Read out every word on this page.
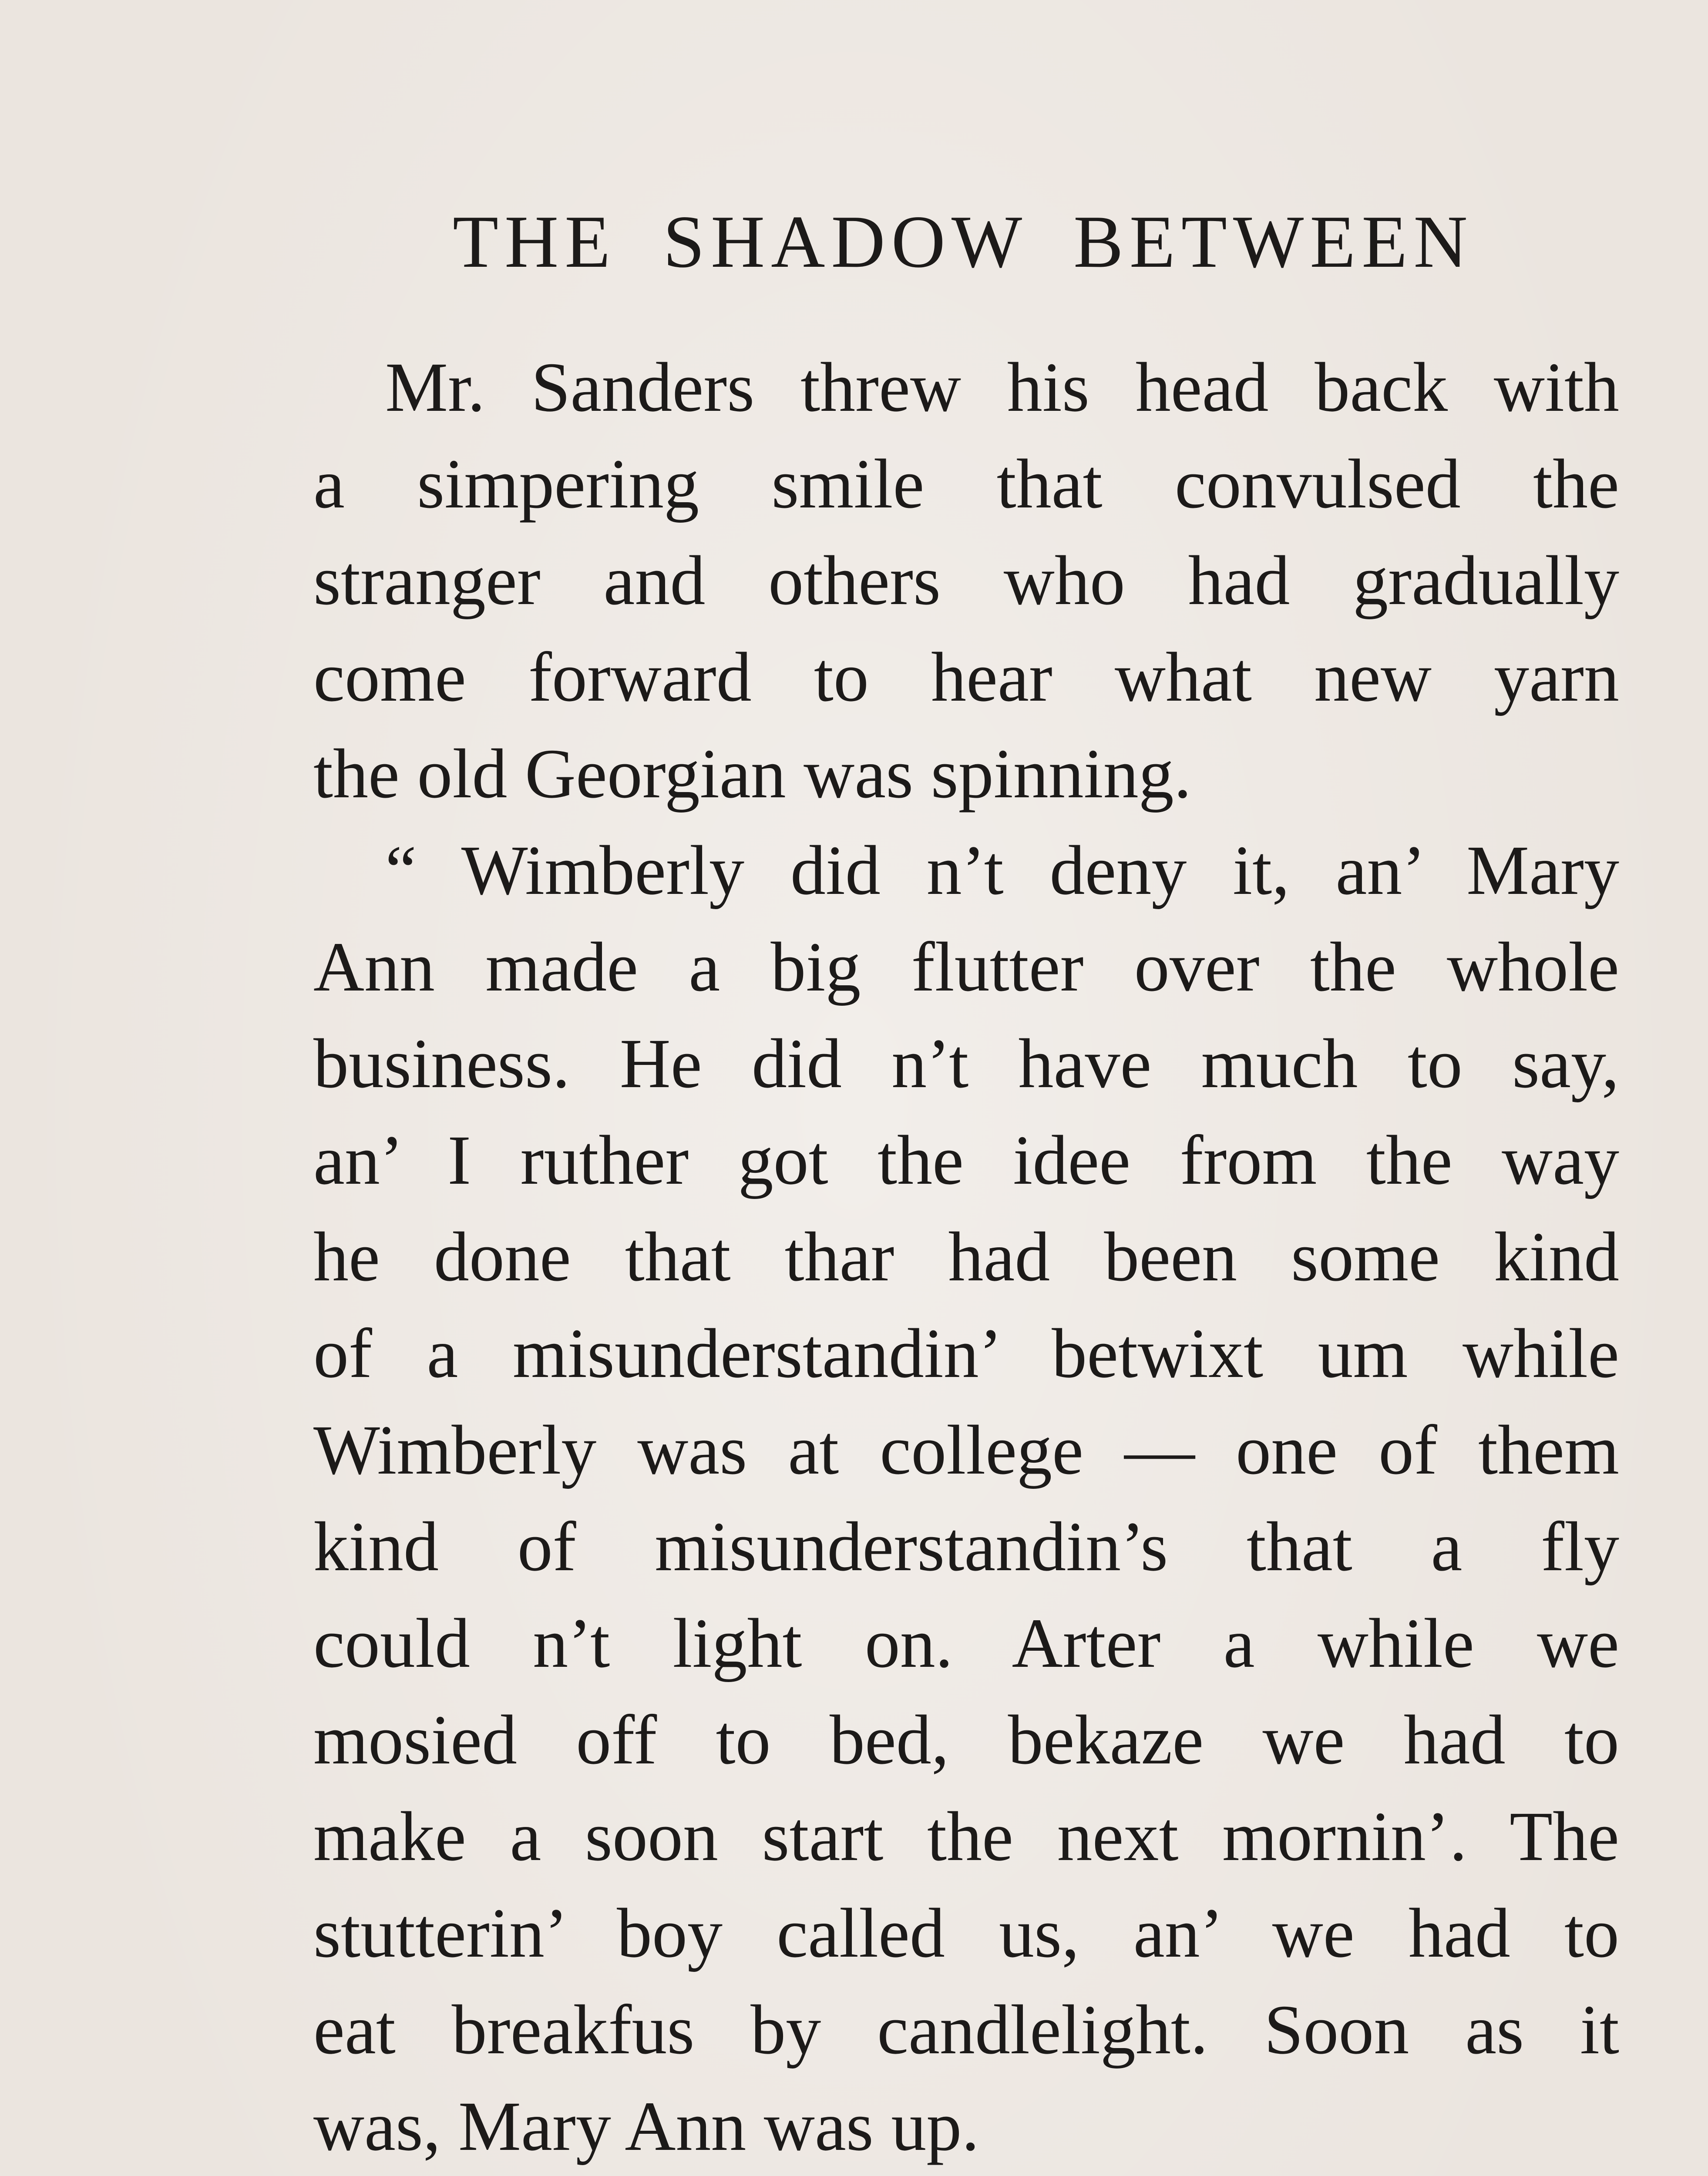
THE SHADOW BETWEEN
Mr. Sanders threw his head back with
a simpering smile that convulsed the
stranger and others who had gradually
come forward to hear what new yarn
the old Georgian was spinning.
“ Wimberly did n’t deny it, an’ Mary
Ann made a big flutter over the whole
business. He did n’t have much to say,
an’ I ruther got the idee from the way
he done that thar had been some kind
of a misunderstandin’ betwixt um while
Wimberly was at college — one of them
kind of misunderstandin’s that a fly
could n’t light on. Arter a while we
mosied off to bed, bekaze we had to
make a soon start the next mornin’. The
stutterin’ boy called us, an’ we had to
eat breakfus by candlelight. Soon as it
was, Mary Ann was up.
